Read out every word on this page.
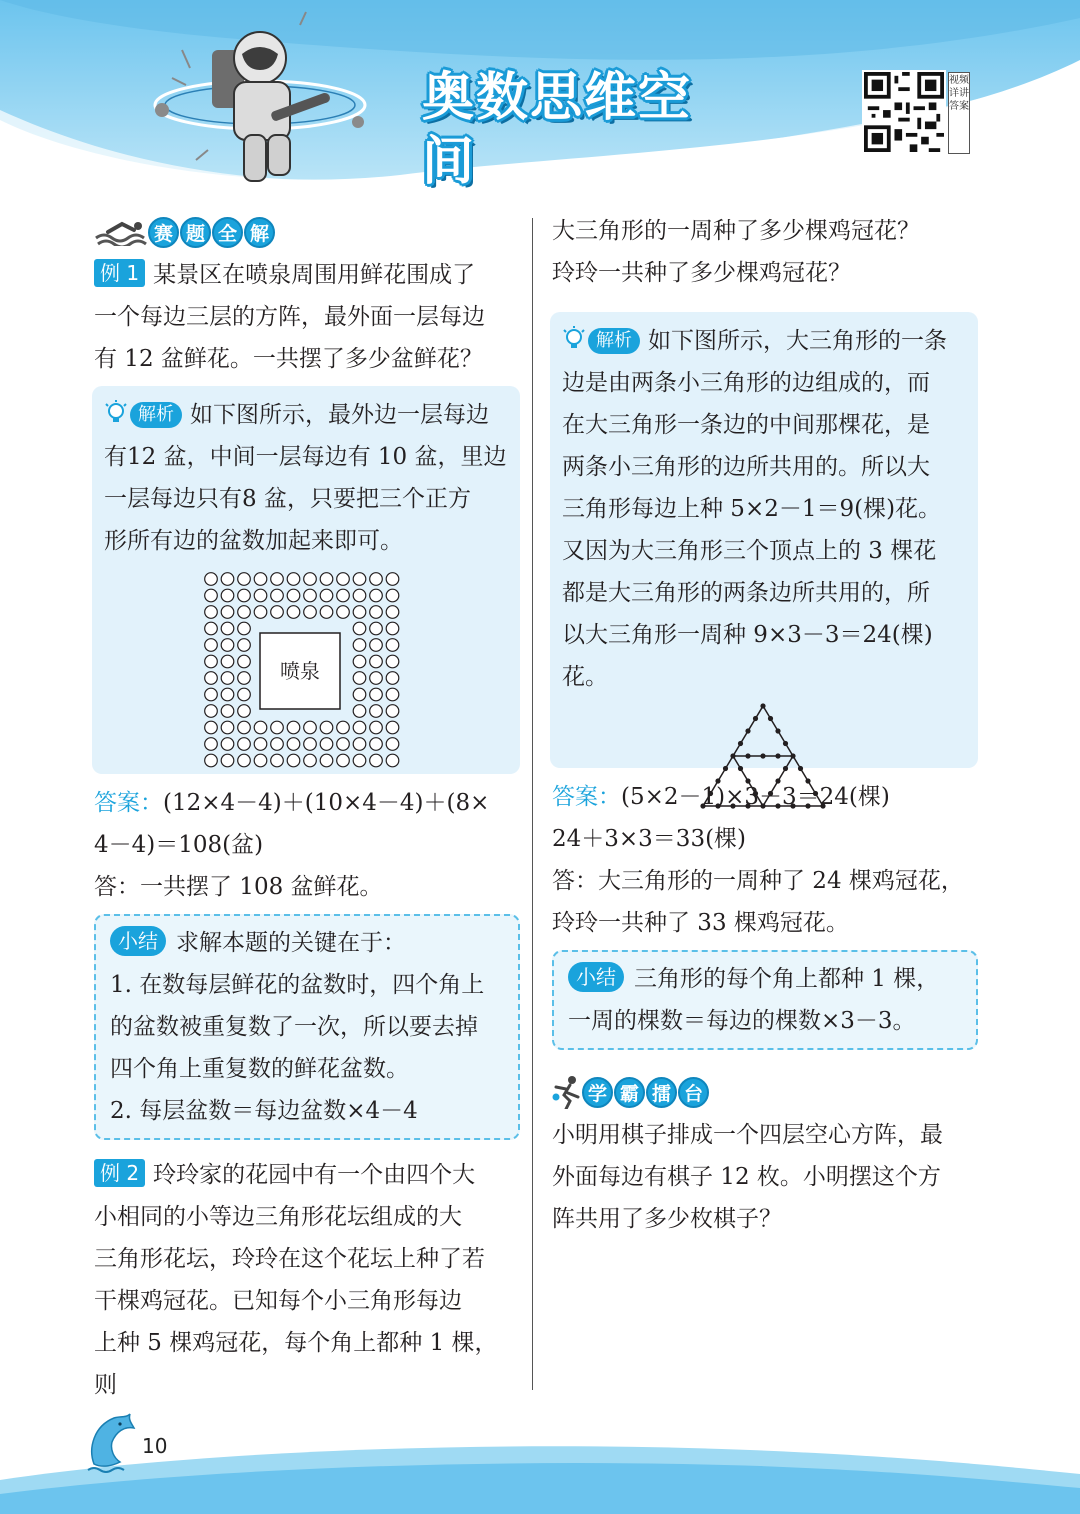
奥数思维空间
视频详讲答案
赛 题 全 解

例 1 某景区在喷泉周围用鲜花围成了

一个每边三层的方阵，最外面一层每边

有 12 盆鲜花。一共摆了多少盆鲜花？

解析 如下图所示，最外边一层每边

有12 盆，中间一层每边有 10 盆，里边

一层每边只有8 盆，只要把三个正方

形所有边的盆数加起来即可。

喷泉

答案：(12×4－4)＋(10×4－4)＋(8×

4－4)＝108(盆)

答：一共摆了 108 盆鲜花。

小结 求解本题的关键在于：

1. 在数每层鲜花的盆数时，四个角上

的盆数被重复数了一次，所以要去掉

四个角上重复数的鲜花盆数。

2. 每层盆数＝每边盆数×4－4

例 2 玲玲家的花园中有一个由四个大

小相同的小等边三角形花坛组成的大

三角形花坛，玲玲在这个花坛上种了若

干棵鸡冠花。已知每个小三角形每边

上种 5 棵鸡冠花，每个角上都种 1 棵，则

大三角形的一周种了多少棵鸡冠花？

玲玲一共种了多少棵鸡冠花？

解析 如下图所示，大三角形的一条

边是由两条小三角形的边组成的，而

在大三角形一条边的中间那棵花，是

两条小三角形的边所共用的。所以大

三角形每边上种 5×2－1＝9(棵)花。

又因为大三角形三个顶点上的 3 棵花

都是大三角形的两条边所共用的，所

以大三角形一周种 9×3－3＝24(棵)花。

答案：(5×2－1)×3－3＝24(棵)

24＋3×3＝33(棵)

答：大三角形的一周种了 24 棵鸡冠花，

玲玲一共种了 33 棵鸡冠花。

小结 三角形的每个角上都种 1 棵，

一周的棵数＝每边的棵数×3－3。

学 霸 擂 台

小明用棋子排成一个四层空心方阵，最

外面每边有棋子 12 枚。小明摆这个方

阵共用了多少枚棋子？

10
